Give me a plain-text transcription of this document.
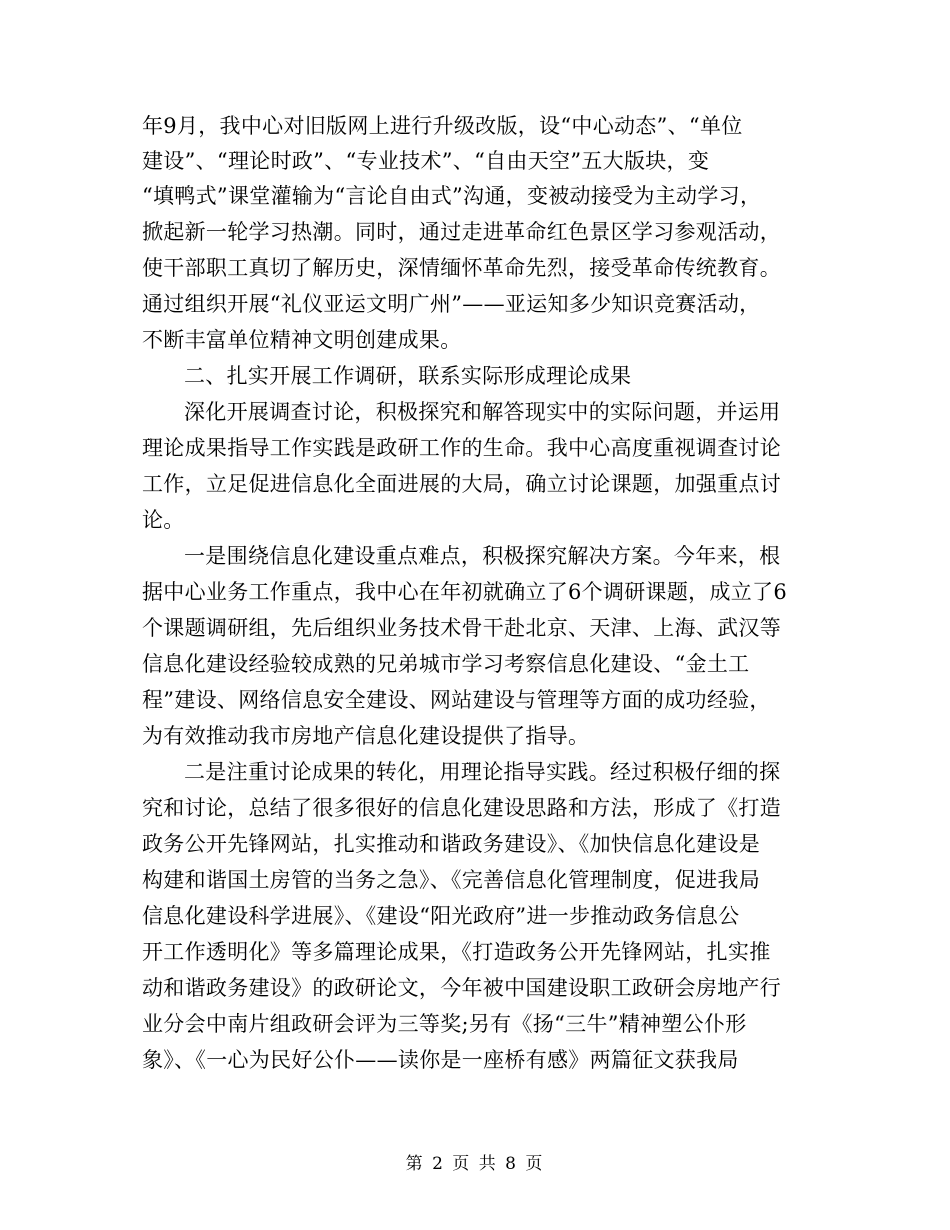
年9月，我中心对旧版网上进行升级改版，设“中心动态”、“单位
建设”、“理论时政”、“专业技术”、“自由天空”五大版块，变
“填鸭式”课堂灌输为“言论自由式”沟通，变被动接受为主动学习，
掀起新一轮学习热潮。同时，通过走进革命红色景区学习参观活动，
使干部职工真切了解历史，深情缅怀革命先烈，接受革命传统教育。
通过组织开展“礼仪亚运文明广州”——亚运知多少知识竞赛活动，
不断丰富单位精神文明创建成果。
二、扎实开展工作调研，联系实际形成理论成果
深化开展调查讨论，积极探究和解答现实中的实际问题，并运用
理论成果指导工作实践是政研工作的生命。我中心高度重视调查讨论
工作，立足促进信息化全面进展的大局，确立讨论课题，加强重点讨
论。
一是围绕信息化建设重点难点，积极探究解决方案。今年来，根
据中心业务工作重点，我中心在年初就确立了6个调研课题，成立了6
个课题调研组，先后组织业务技术骨干赴北京、天津、上海、武汉等
信息化建设经验较成熟的兄弟城市学习考察信息化建设、“金土工
程”建设、网络信息安全建设、网站建设与管理等方面的成功经验，
为有效推动我市房地产信息化建设提供了指导。
二是注重讨论成果的转化，用理论指导实践。经过积极仔细的探
究和讨论，总结了很多很好的信息化建设思路和方法，形成了《打造
政务公开先锋网站，扎实推动和谐政务建设》、《加快信息化建设是
构建和谐国土房管的当务之急》、《完善信息化管理制度，促进我局
信息化建设科学进展》、《建设“阳光政府”进一步推动政务信息公
开工作透明化》等多篇理论成果，《打造政务公开先锋网站，扎实推
动和谐政务建设》的政研论文，今年被中国建设职工政研会房地产行
业分会中南片组政研会评为三等奖;另有《扬“三牛”精神塑公仆形
象》、《一心为民好公仆——读你是一座桥有感》两篇征文获我局
第 2 页 共 8 页
